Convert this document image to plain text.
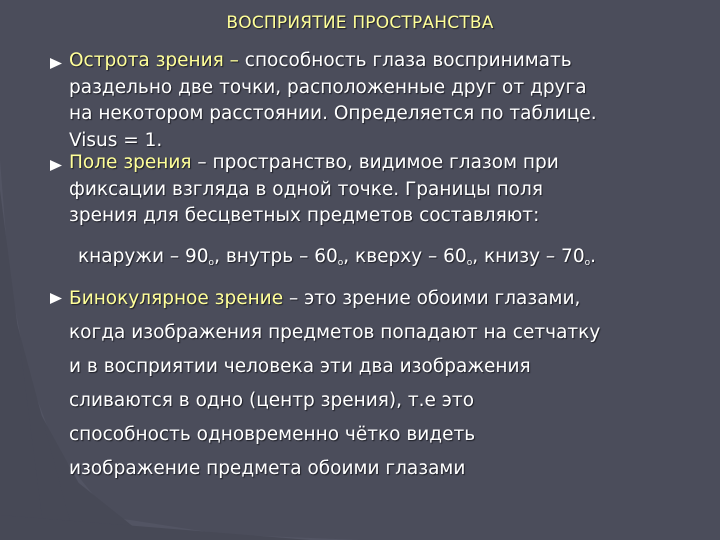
ВОСПРИЯТИЕ ПРОСТРАНСТВА
Острота зрения – способность глаза воспринимать
раздельно две точки, расположенные друг от друга
на некотором расстоянии. Определяется по таблице.
Visus = 1.
Поле зрения – пространство, видимое глазом при
фиксации взгляда в одной точке. Границы поля
зрения для бесцветных предметов составляют:
кнаружи – $90^о$, внутрь – $60^о$, кверху – $60^о$, книзу – $70^о$.
Бинокулярное зрение – это зрение обоими глазами,
когда изображения предметов попадают на сетчатку
и в восприятии человека эти два изображения
сливаются в одно (центр зрения), т.е это
способность одновременно чётко видеть
изображение предмета обоими глазами
